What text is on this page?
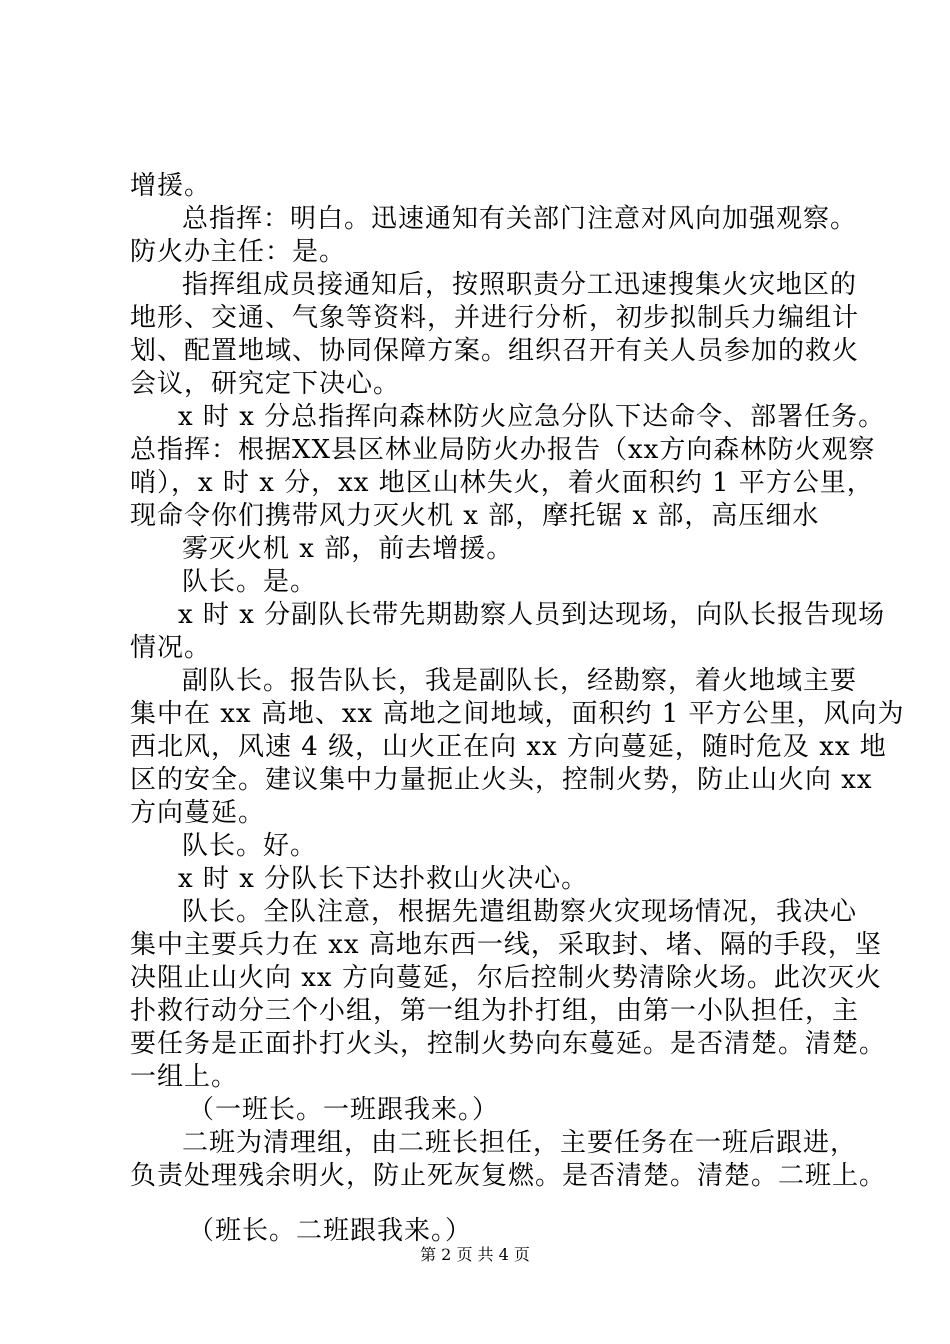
增援。
总指挥：明白。迅速通知有关部门注意对风向加强观察。
防火办主任：是。
指挥组成员接通知后，按照职责分工迅速搜集火灾地区的
地形、交通、气象等资料，并进行分析，初步拟制兵力编组计
划、配置地域、协同保障方案。组织召开有关人员参加的救火
会议，研究定下决心。
x 时 x 分总指挥向森林防火应急分队下达命令、部署任务。
总指挥：根据XX县区林业局防火办报告（xx方向森林防火观察
哨），x 时 x 分，xx 地区山林失火，着火面积约 1 平方公里，
现命令你们携带风力灭火机 x 部，摩托锯 x 部，高压细水
雾灭火机 x 部，前去增援。
队长。是。
x 时 x 分副队长带先期勘察人员到达现场，向队长报告现场
情况。
副队长。报告队长，我是副队长，经勘察，着火地域主要
集中在 xx 高地、xx 高地之间地域，面积约 1 平方公里，风向为
西北风，风速 4 级，山火正在向 xx 方向蔓延，随时危及 xx 地
区的安全。建议集中力量扼止火头，控制火势，防止山火向 xx
方向蔓延。
队长。好。
x 时 x 分队长下达扑救山火决心。
队长。全队注意，根据先遣组勘察火灾现场情况，我决心
集中主要兵力在 xx 高地东西一线，采取封、堵、隔的手段，坚
决阻止山火向 xx 方向蔓延，尔后控制火势清除火场。此次灭火
扑救行动分三个小组，第一组为扑打组，由第一小队担任，主
要任务是正面扑打火头，控制火势向东蔓延。是否清楚。清楚。
一组上。
（一班长。一班跟我来。）
二班为清理组，由二班长担任，主要任务在一班后跟进，
负责处理残余明火，防止死灰复燃。是否清楚。清楚。二班上。
（班长。二班跟我来。）
第 2 页 共 4 页
